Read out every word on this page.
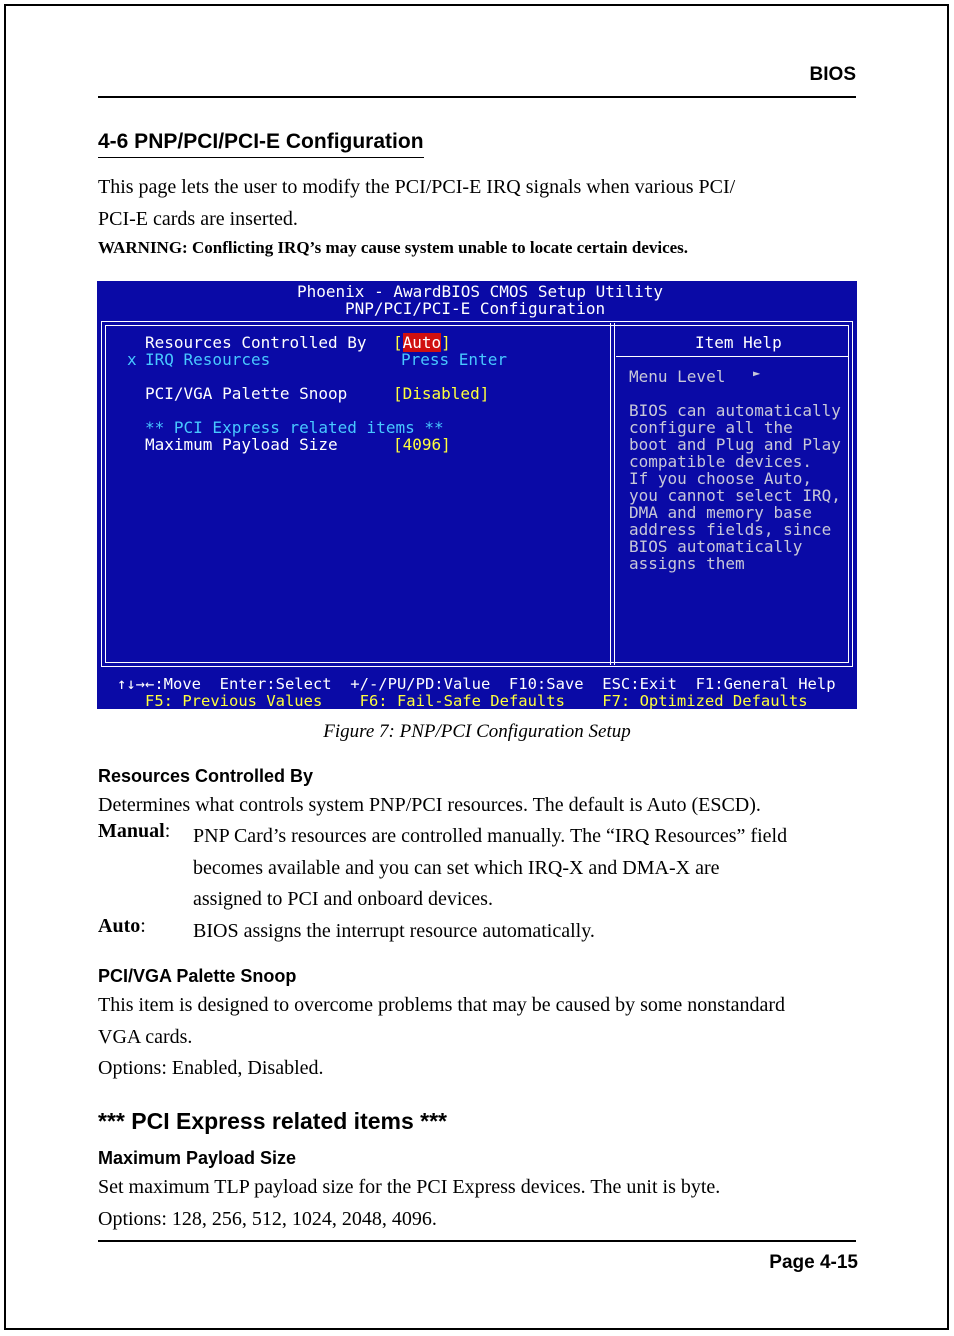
BIOS
4-6 PNP/PCI/PCI-E Configuration
This page lets the user to modify the PCI/PCI-E IRQ signals when various PCI/
PCI-E cards are inserted.
WARNING: Conflicting IRQ’s may cause system unable to locate certain devices.
Phoenix - AwardBIOS CMOS Setup Utility
PNP/PCI/PCI-E Configuration
Resources Controlled By [Auto]
x IRQ Resources	Press Enter
PCI/VGA Palette Snoop	[Disabled]
** PCI Express related items **
Maximum Payload Size	[4096]
Item Help
Menu Level ►
BIOS can automatically
configure all the
boot and Plug and Play
compatible devices.
If you choose Auto,
you cannot select IRQ,
DMA and memory base
address fields, since
BIOS automatically
assigns them
↑↓→←:Move  Enter:Select  +/-/PU/PD:Value  F10:Save  ESC:Exit  F1:General Help
F5: Previous Values    F6: Fail-Safe Defaults    F7: Optimized Defaults
Figure 7: PNP/PCI Configuration Setup
Resources Controlled By
Determines what controls system PNP/PCI resources. The default is Auto (ESCD).
Manual: PNP Card’s resources are controlled manually. The “IRQ Resources” field
becomes available and you can set which IRQ-X and DMA-X are
assigned to PCI and onboard devices.
Auto: BIOS assigns the interrupt resource automatically.
PCI/VGA Palette Snoop
This item is designed to overcome problems that may be caused by some nonstandard
VGA cards.
Options: Enabled, Disabled.
*** PCI Express related items ***
Maximum Payload Size
Set maximum TLP payload size for the PCI Express devices. The unit is byte.
Options: 128, 256, 512, 1024, 2048, 4096.
Page 4-15
